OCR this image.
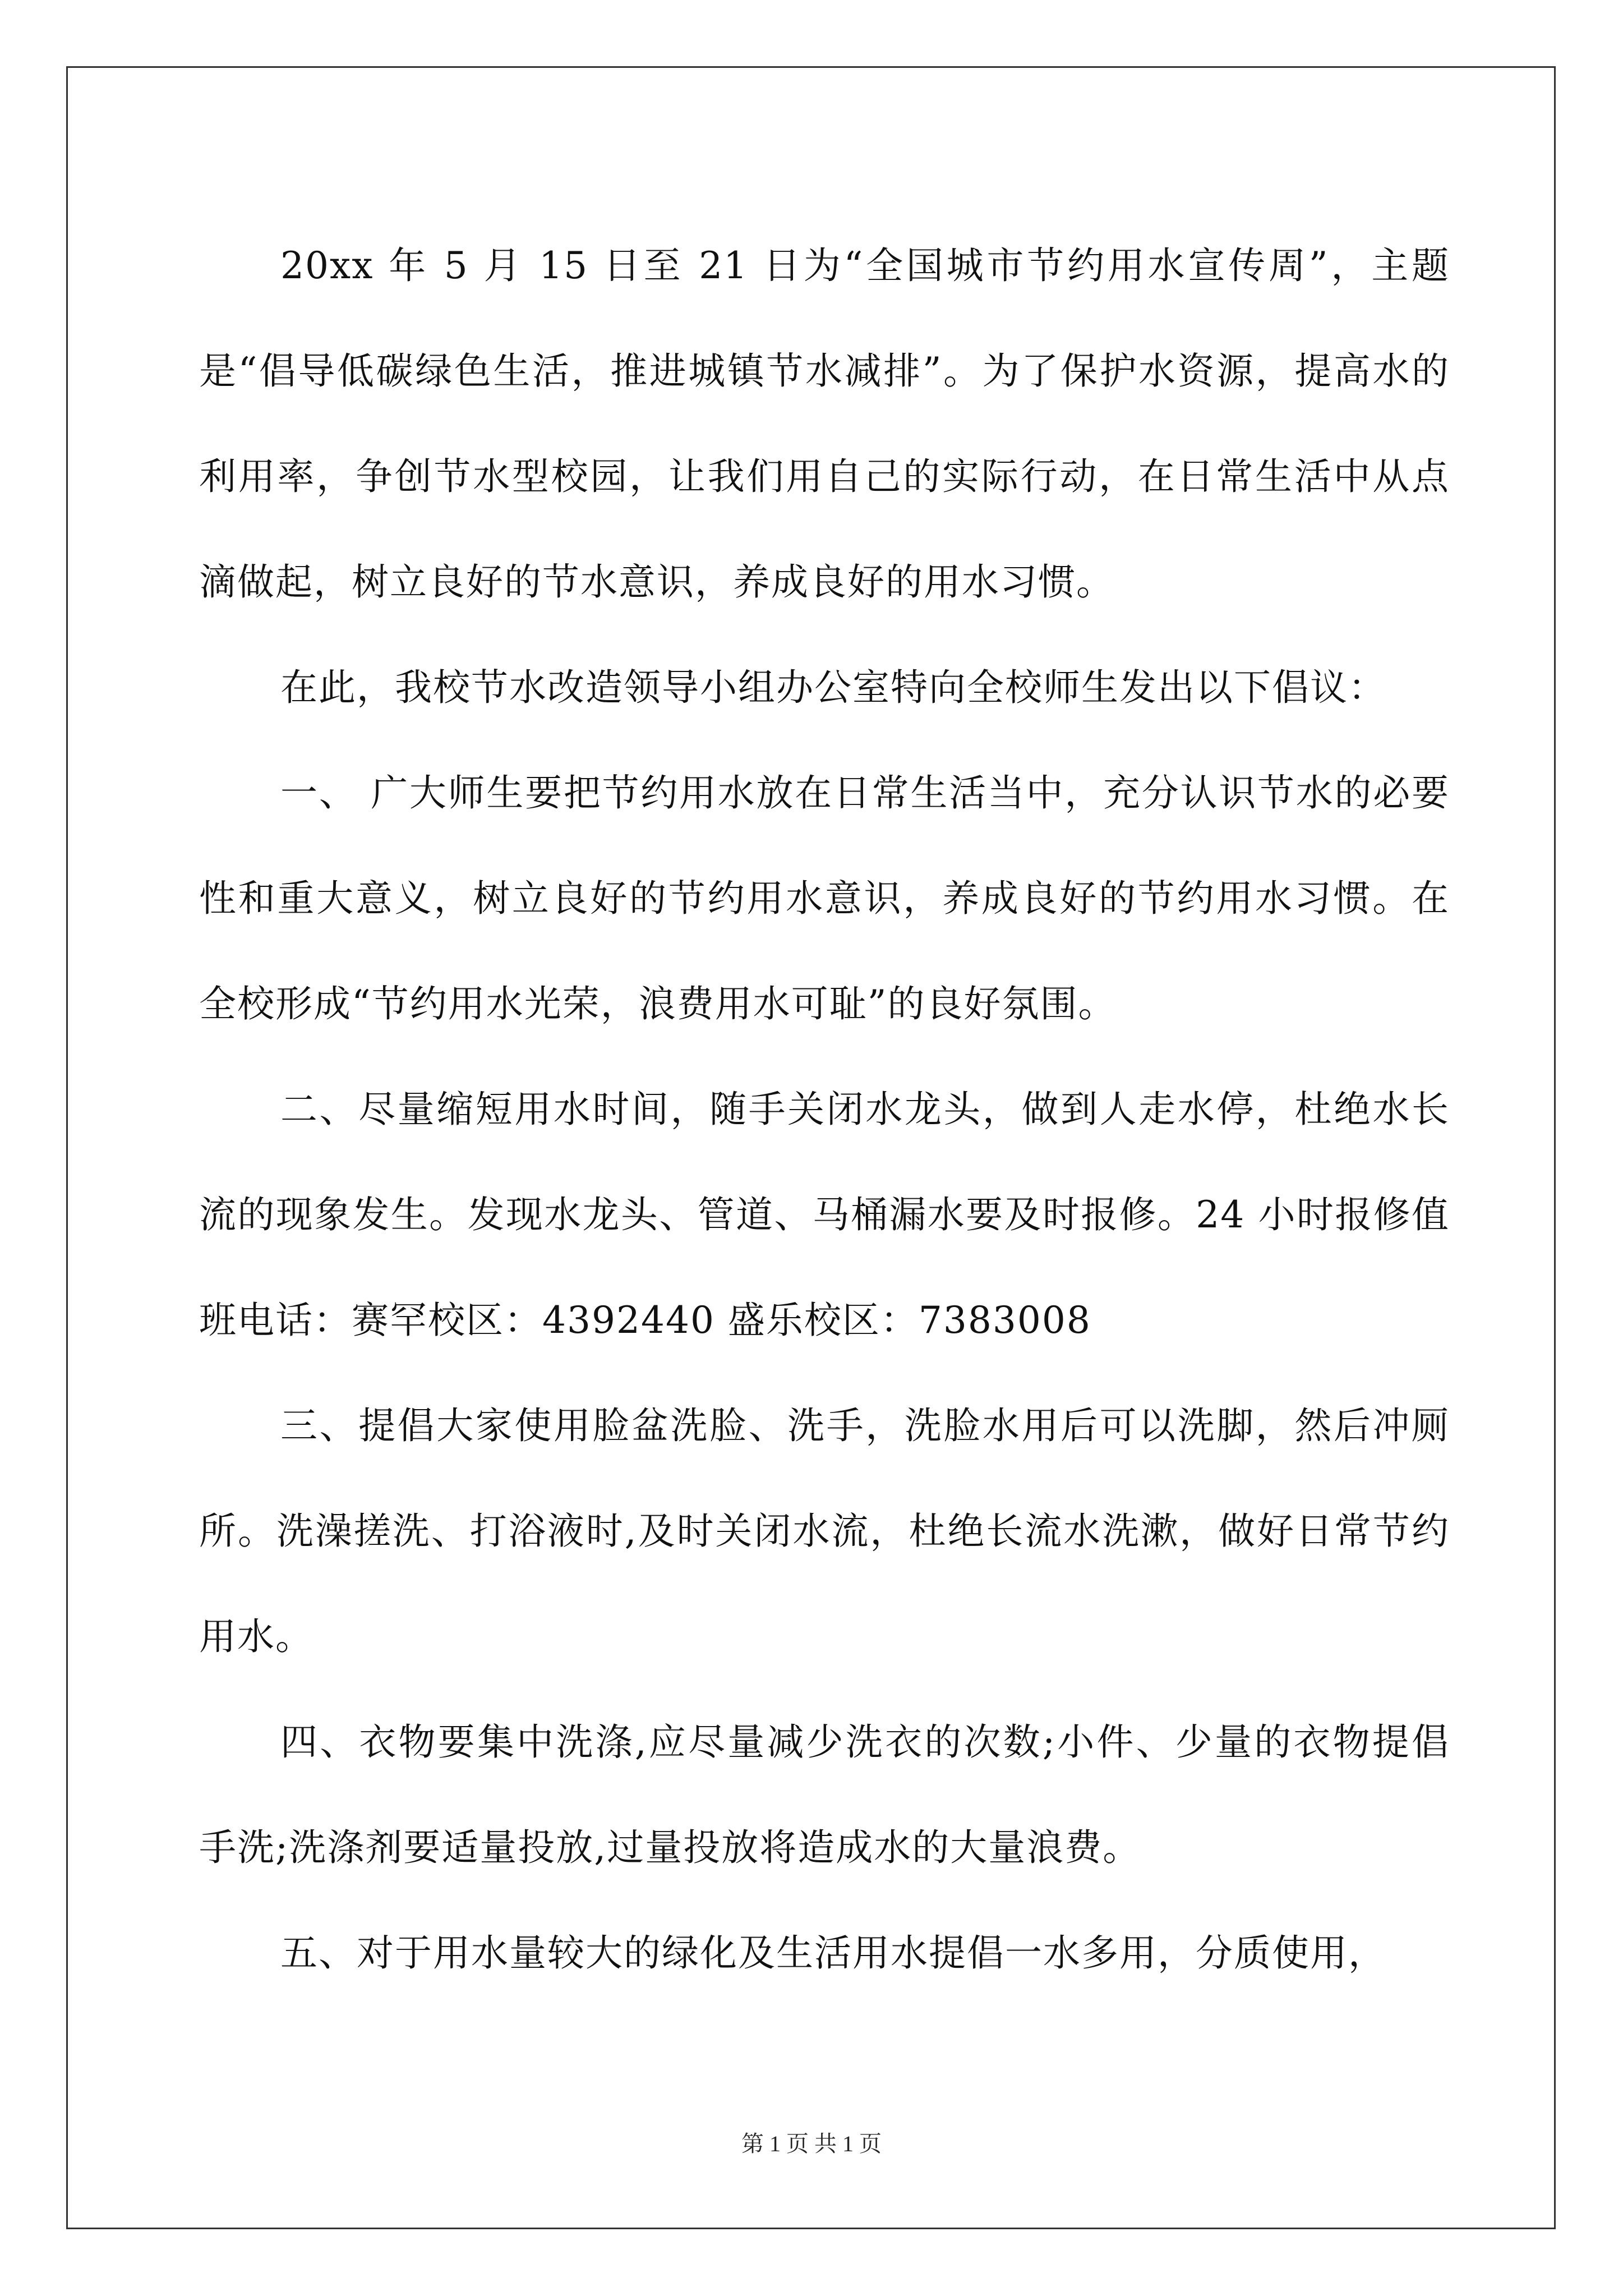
20xx 年 5 月 15 日至 21 日为“全国城市节约用水宣传周”，主题是“倡导低碳绿色生活，推进城镇节水减排”。为了保护水资源，提高水的利用率，争创节水型校园，让我们用自己的实际行动，在日常生活中从点滴做起，树立良好的节水意识，养成良好的用水习惯。

在此，我校节水改造领导小组办公室特向全校师生发出以下倡议：

一、 广大师生要把节约用水放在日常生活当中，充分认识节水的必要性和重大意义，树立良好的节约用水意识，养成良好的节约用水习惯。在全校形成“节约用水光荣，浪费用水可耻”的良好氛围。

二、尽量缩短用水时间，随手关闭水龙头，做到人走水停，杜绝水长流的现象发生。发现水龙头、管道、马桶漏水要及时报修。24 小时报修值班电话：赛罕校区：4392440 盛乐校区：7383008

三、提倡大家使用脸盆洗脸、洗手，洗脸水用后可以洗脚，然后冲厕所。洗澡搓洗、打浴液时,及时关闭水流，杜绝长流水洗漱，做好日常节约用水。

四、衣物要集中洗涤,应尽量减少洗衣的次数;小件、少量的衣物提倡手洗;洗涤剂要适量投放,过量投放将造成水的大量浪费。

五、对于用水量较大的绿化及生活用水提倡一水多用，分质使用，

第 1 页 共 1 页
